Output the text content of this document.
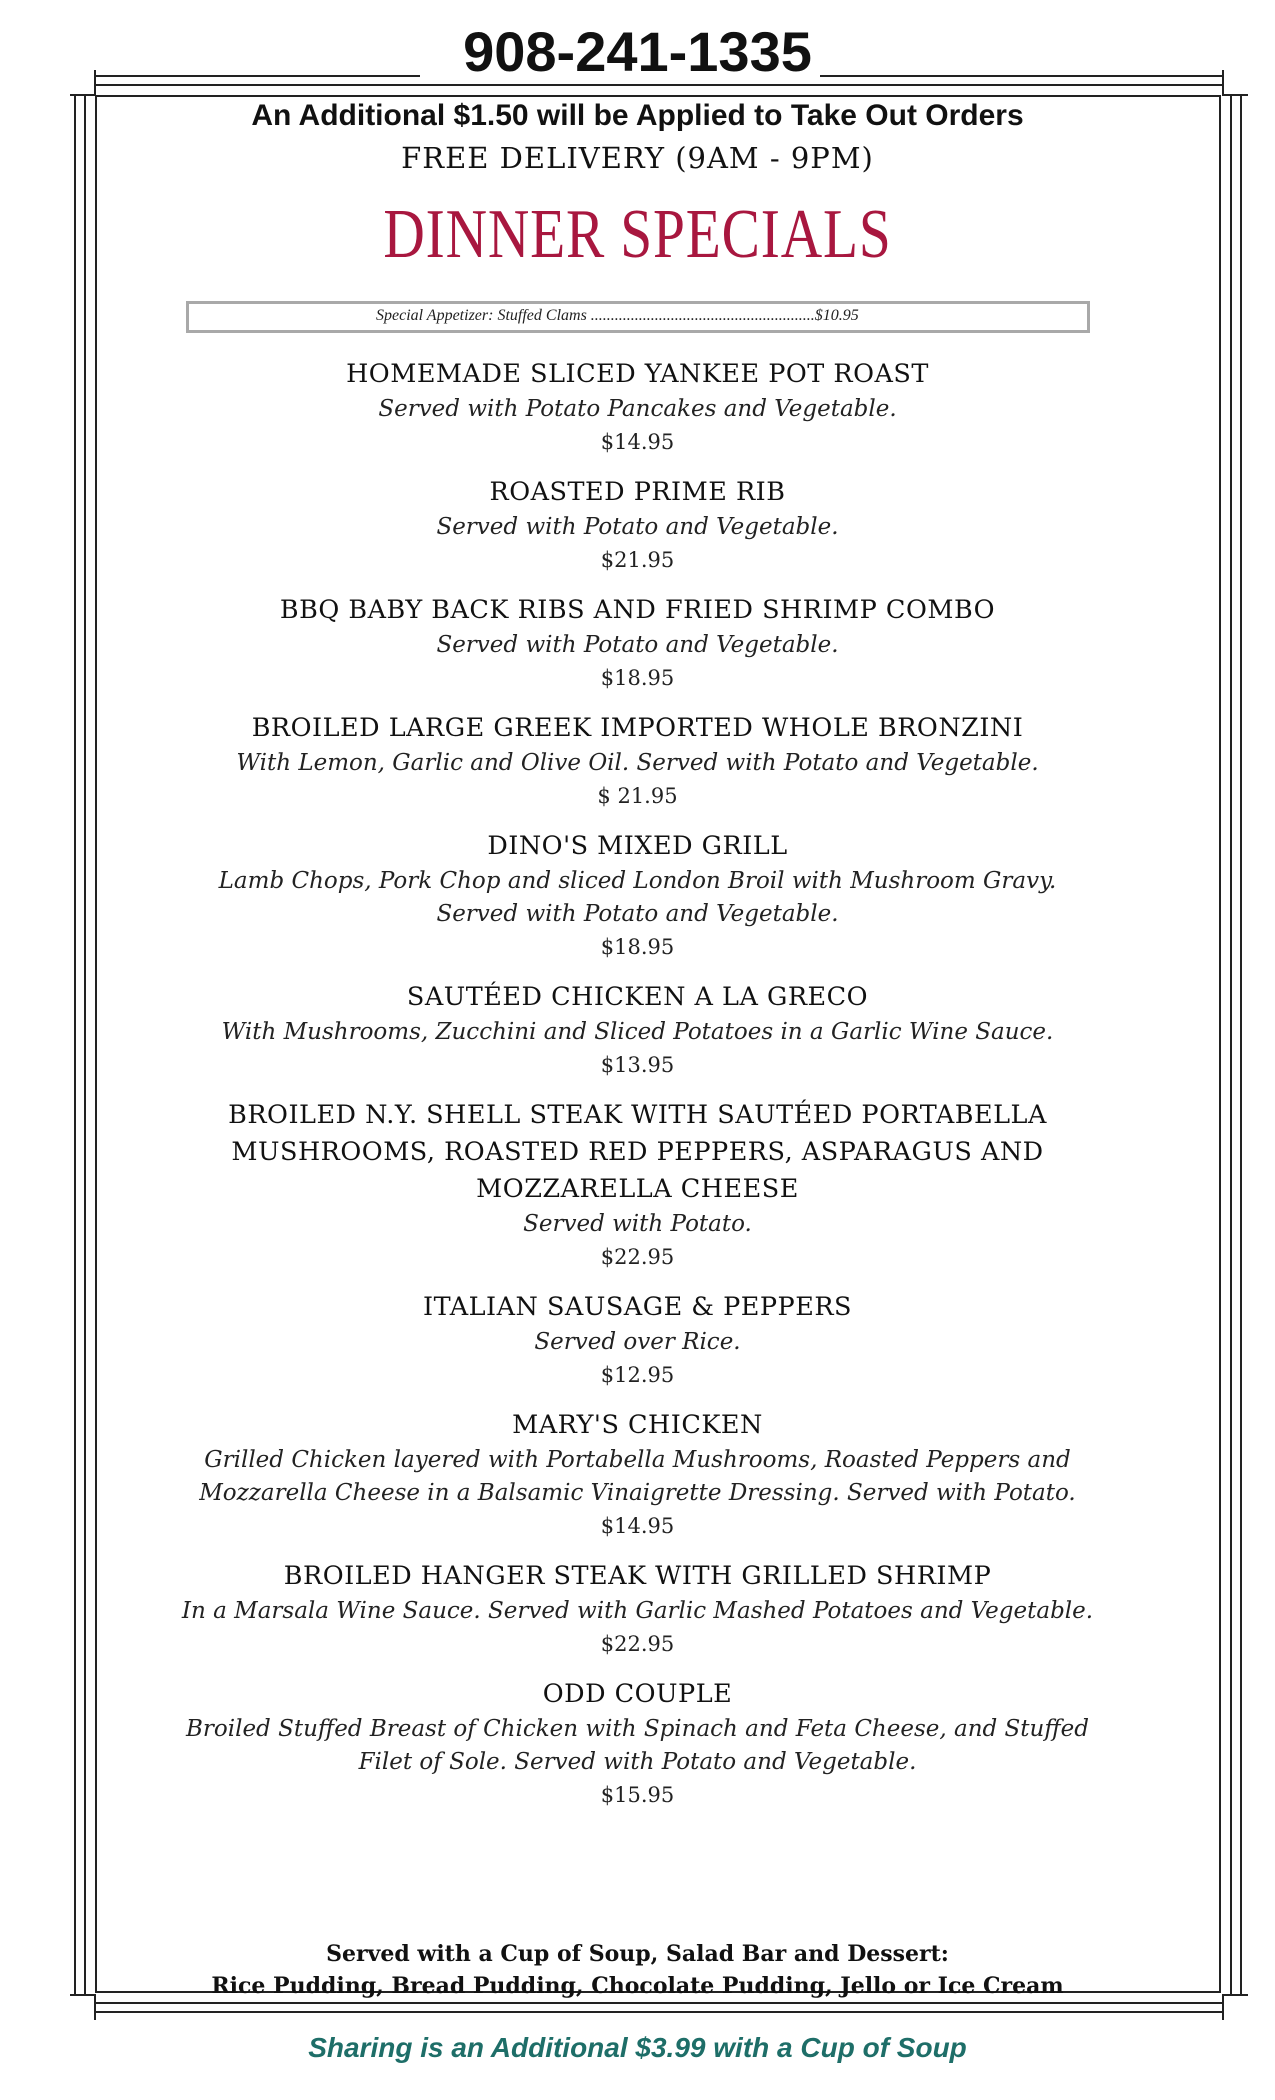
908-241-1335
An Additional $1.50 will be Applied to Take Out Orders
FREE DELIVERY (9AM - 9PM)
DINNER SPECIALS
Special Appetizer: Stuffed Clams ........................................................$10.95
HOMEMADE SLICED YANKEE POT ROAST
Served with Potato Pancakes and Vegetable.
$14.95
ROASTED PRIME RIB
Served with Potato and Vegetable.
$21.95
BBQ BABY BACK RIBS AND FRIED SHRIMP COMBO
Served with Potato and Vegetable.
$18.95
BROILED LARGE GREEK IMPORTED WHOLE BRONZINI
With Lemon, Garlic and Olive Oil. Served with Potato and Vegetable.
$ 21.95
DINO'S MIXED GRILL
Lamb Chops, Pork Chop and sliced London Broil with Mushroom Gravy.
Served with Potato and Vegetable.
$18.95
SAUTÉED CHICKEN A LA GRECO
With Mushrooms, Zucchini and Sliced Potatoes in a Garlic Wine Sauce.
$13.95
BROILED N.Y. SHELL STEAK WITH SAUTÉED PORTABELLA
MUSHROOMS, ROASTED RED PEPPERS, ASPARAGUS AND
MOZZARELLA CHEESE
Served with Potato.
$22.95
ITALIAN SAUSAGE & PEPPERS
Served over Rice.
$12.95
MARY'S CHICKEN
Grilled Chicken layered with Portabella Mushrooms, Roasted Peppers and
Mozzarella Cheese in a Balsamic Vinaigrette Dressing. Served with Potato.
$14.95
BROILED HANGER STEAK WITH GRILLED SHRIMP
In a Marsala Wine Sauce. Served with Garlic Mashed Potatoes and Vegetable.
$22.95
ODD COUPLE
Broiled Stuffed Breast of Chicken with Spinach and Feta Cheese, and Stuffed
Filet of Sole. Served with Potato and Vegetable.
$15.95
Served with a Cup of Soup, Salad Bar and Dessert:
Rice Pudding, Bread Pudding, Chocolate Pudding, Jello or Ice Cream
Sharing is an Additional $3.99 with a Cup of Soup
